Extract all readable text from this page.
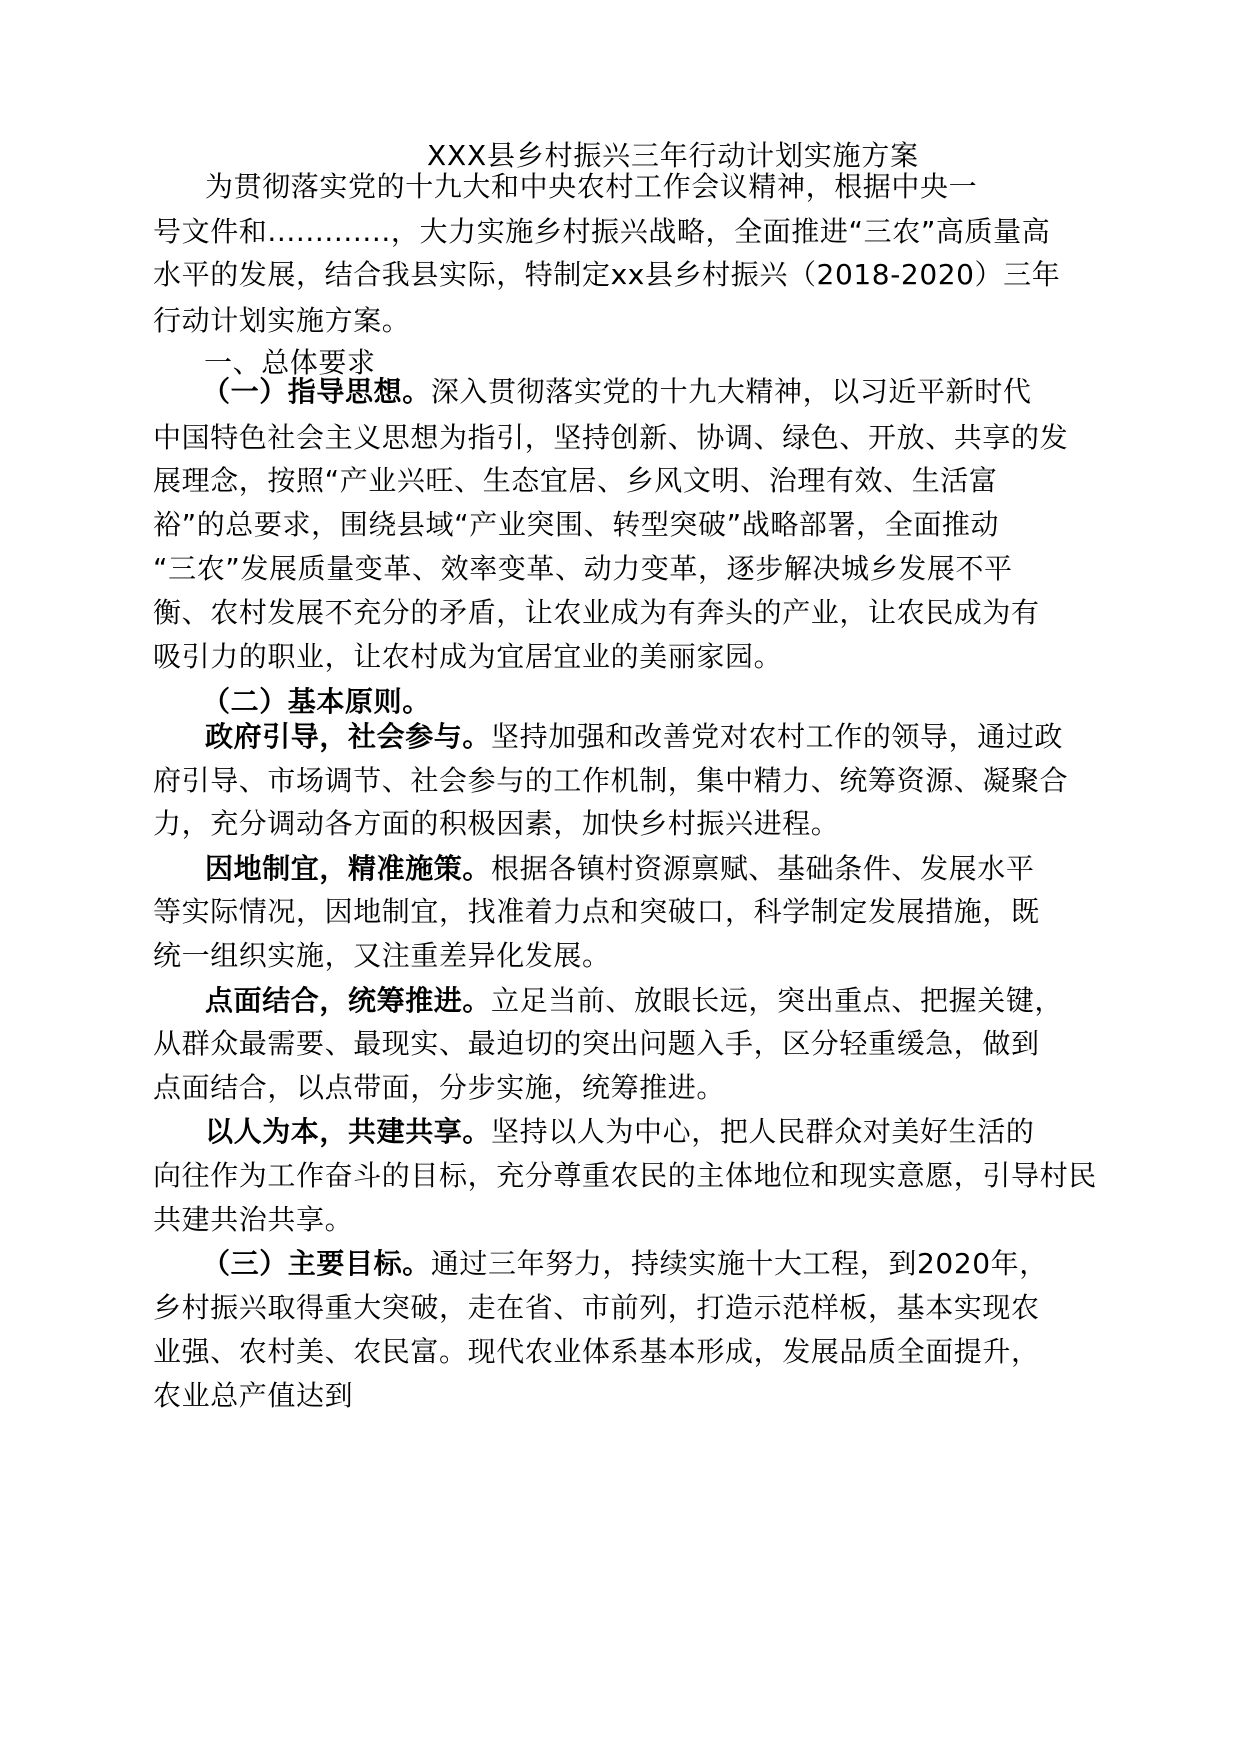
XXX县乡村振兴三年行动计划实施方案
为贯彻落实党的十九大和中央农村工作会议精神，根据中央一
号文件和.............，大力实施乡村振兴战略，全面推进“三农”高质量高
水平的发展，结合我县实际，特制定xx县乡村振兴（2018-2020）三年
行动计划实施方案。
一、总体要求
（一）指导思想。深入贯彻落实党的十九大精神，以习近平新时代
中国特色社会主义思想为指引，坚持创新、协调、绿色、开放、共享的发
展理念，按照“产业兴旺、生态宜居、乡风文明、治理有效、生活富
裕”的总要求，围绕县域“产业突围、转型突破”战略部署，全面推动
“三农”发展质量变革、效率变革、动力变革，逐步解决城乡发展不平
衡、农村发展不充分的矛盾，让农业成为有奔头的产业，让农民成为有
吸引力的职业，让农村成为宜居宜业的美丽家园。
（二）基本原则。
政府引导，社会参与。坚持加强和改善党对农村工作的领导，通过政
府引导、市场调节、社会参与的工作机制，集中精力、统筹资源、凝聚合
力，充分调动各方面的积极因素，加快乡村振兴进程。
因地制宜，精准施策。根据各镇村资源禀赋、基础条件、发展水平
等实际情况，因地制宜，找准着力点和突破口，科学制定发展措施，既
统一组织实施，又注重差异化发展。
点面结合，统筹推进。立足当前、放眼长远，突出重点、把握关键，
从群众最需要、最现实、最迫切的突出问题入手，区分轻重缓急，做到
点面结合，以点带面，分步实施，统筹推进。
以人为本，共建共享。坚持以人为中心，把人民群众对美好生活的
向往作为工作奋斗的目标，充分尊重农民的主体地位和现实意愿，引导村民
共建共治共享。
（三）主要目标。通过三年努力，持续实施十大工程，到2020年，
乡村振兴取得重大突破，走在省、市前列，打造示范样板，基本实现农
业强、农村美、农民富。现代农业体系基本形成，发展品质全面提升，
农业总产值达到
